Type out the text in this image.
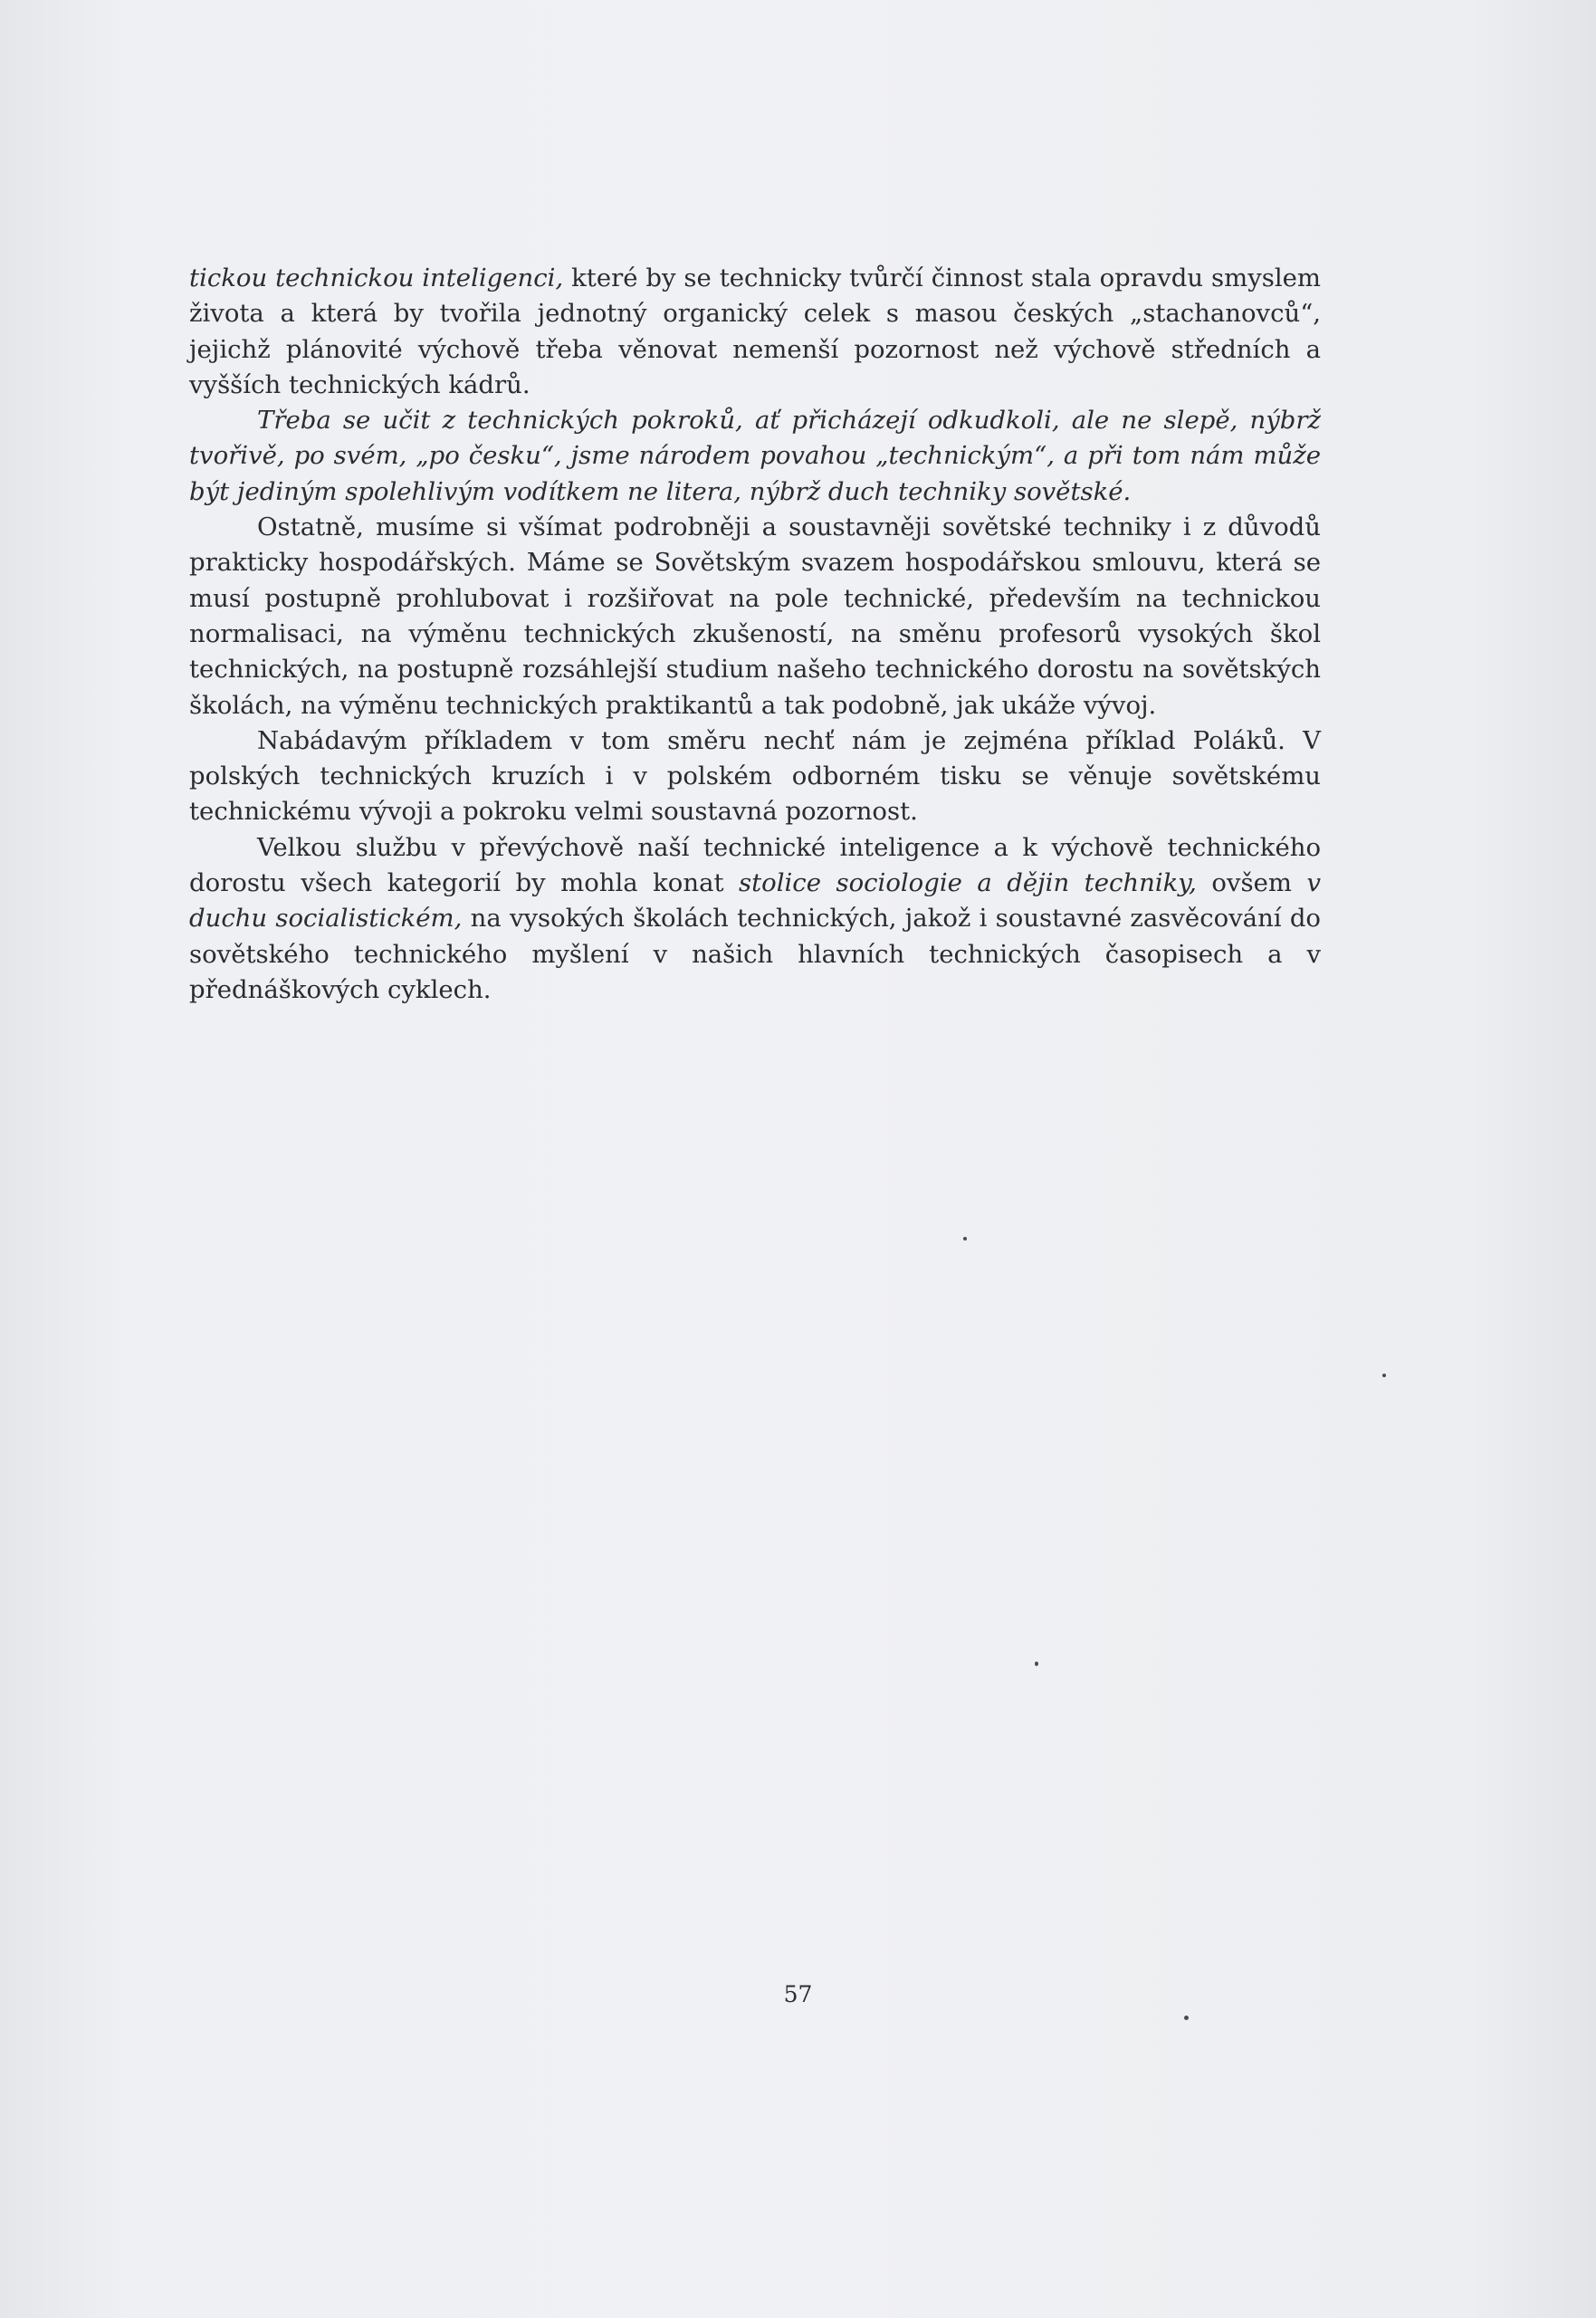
tickou technickou inteligenci, které by se technicky tvůrčí činnost stala opravdu smyslem života a která by tvořila jednotný organický celek s masou českých „stachanovců“, jejichž plánovité výchově třeba věnovat nemenší pozornost než výchově středních a vyšších technických kádrů.

Třeba se učit z technických pokroků, ať přicházejí odkudkoli, ale ne slepě, nýbrž tvořivě, po svém, „po česku“, jsme národem povahou „technickým“, a při tom nám může být jediným spolehlivým vodítkem ne litera, nýbrž duch techniky sovětské.

Ostatně, musíme si všímat podrobněji a soustavněji sovětské techniky i z důvodů prakticky hospodářských. Máme se Sovětským svazem hospodářskou smlouvu, která se musí postupně prohlubovat i rozšiřovat na pole technické, především na technickou normalisaci, na výměnu technických zkušeností, na směnu profesorů vysokých škol technických, na postupně rozsáhlejší studium našeho technického dorostu na sovětských školách, na výměnu technických praktikantů a tak podobně, jak ukáže vývoj.

Nabádavým příkladem v tom směru nechť nám je zejména příklad Poláků. V polských technických kruzích i v polském odborném tisku se věnuje sovětskému technickému vývoji a pokroku velmi soustavná pozornost.

Velkou službu v převýchově naší technické inteligence a k výchově technického dorostu všech kategorií by mohla konat stolice sociologie a dějin techniky, ovšem v duchu socialistickém, na vysokých školách technických, jakož i soustavné zasvěcování do sovětského technického myšlení v našich hlavních technických časopisech a v přednáškových cyklech.

57
